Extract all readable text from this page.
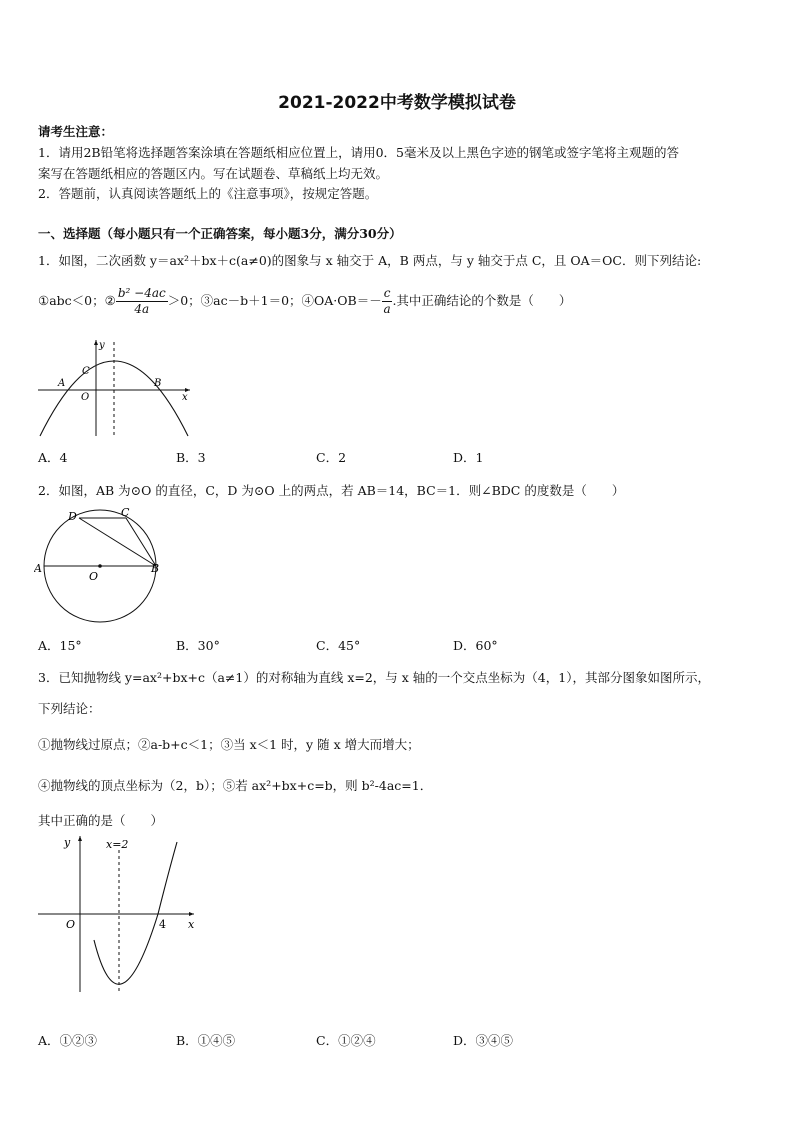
2021-2022中考数学模拟试卷
请考生注意：
1．请用2B铅笔将选择题答案涂填在答题纸相应位置上，请用0．5毫米及以上黑色字迹的钢笔或签字笔将主观题的答
案写在答题纸相应的答题区内。写在试题卷、草稿纸上均无效。
2．答题前，认真阅读答题纸上的《注意事项》，按规定答题。
一、选择题（每小题只有一个正确答案，每小题3分，满分30分）
1．如图，二次函数 y＝ax²＋bx＋c(a≠0)的图象与 x 轴交于 A，B 两点，与 y 轴交于点 C，且 OA＝OC．则下列结论:
①abc＜0；② $\frac{\text{b² −4ac}}{4a} >0$；③ac－b＋1＝0；④OA·OB＝－ $\frac{c}{a}$ .其中正确结论的个数是（　　）
y
x
A	B
C
O
A．4	B．3	C．2	D．1
2．如图，AB 为⊙O 的直径，C，D 为⊙O 上的两点，若 AB＝14，BC＝1．则∠BDC 的度数是（　　）
A	B
D	C
O
A．15°	B．30°	C．45°	D．60°
3．已知抛物线 y=ax²+bx+c（a≠1）的对称轴为直线 x=2，与 x 轴的一个交点坐标为（4，1），其部分图象如图所示，
下列结论：
①抛物线过原点；②a-b+c＜1；③当 x＜1 时，y 随 x 增大而增大；
④抛物线的顶点坐标为（2，b）；⑤若 ax²+bx+c=b，则 b²-4ac=1．
其中正确的是（　　）
y
x
x=2
O	4
A．①②③	B．①④⑤	C．①②④	D．③④⑤
